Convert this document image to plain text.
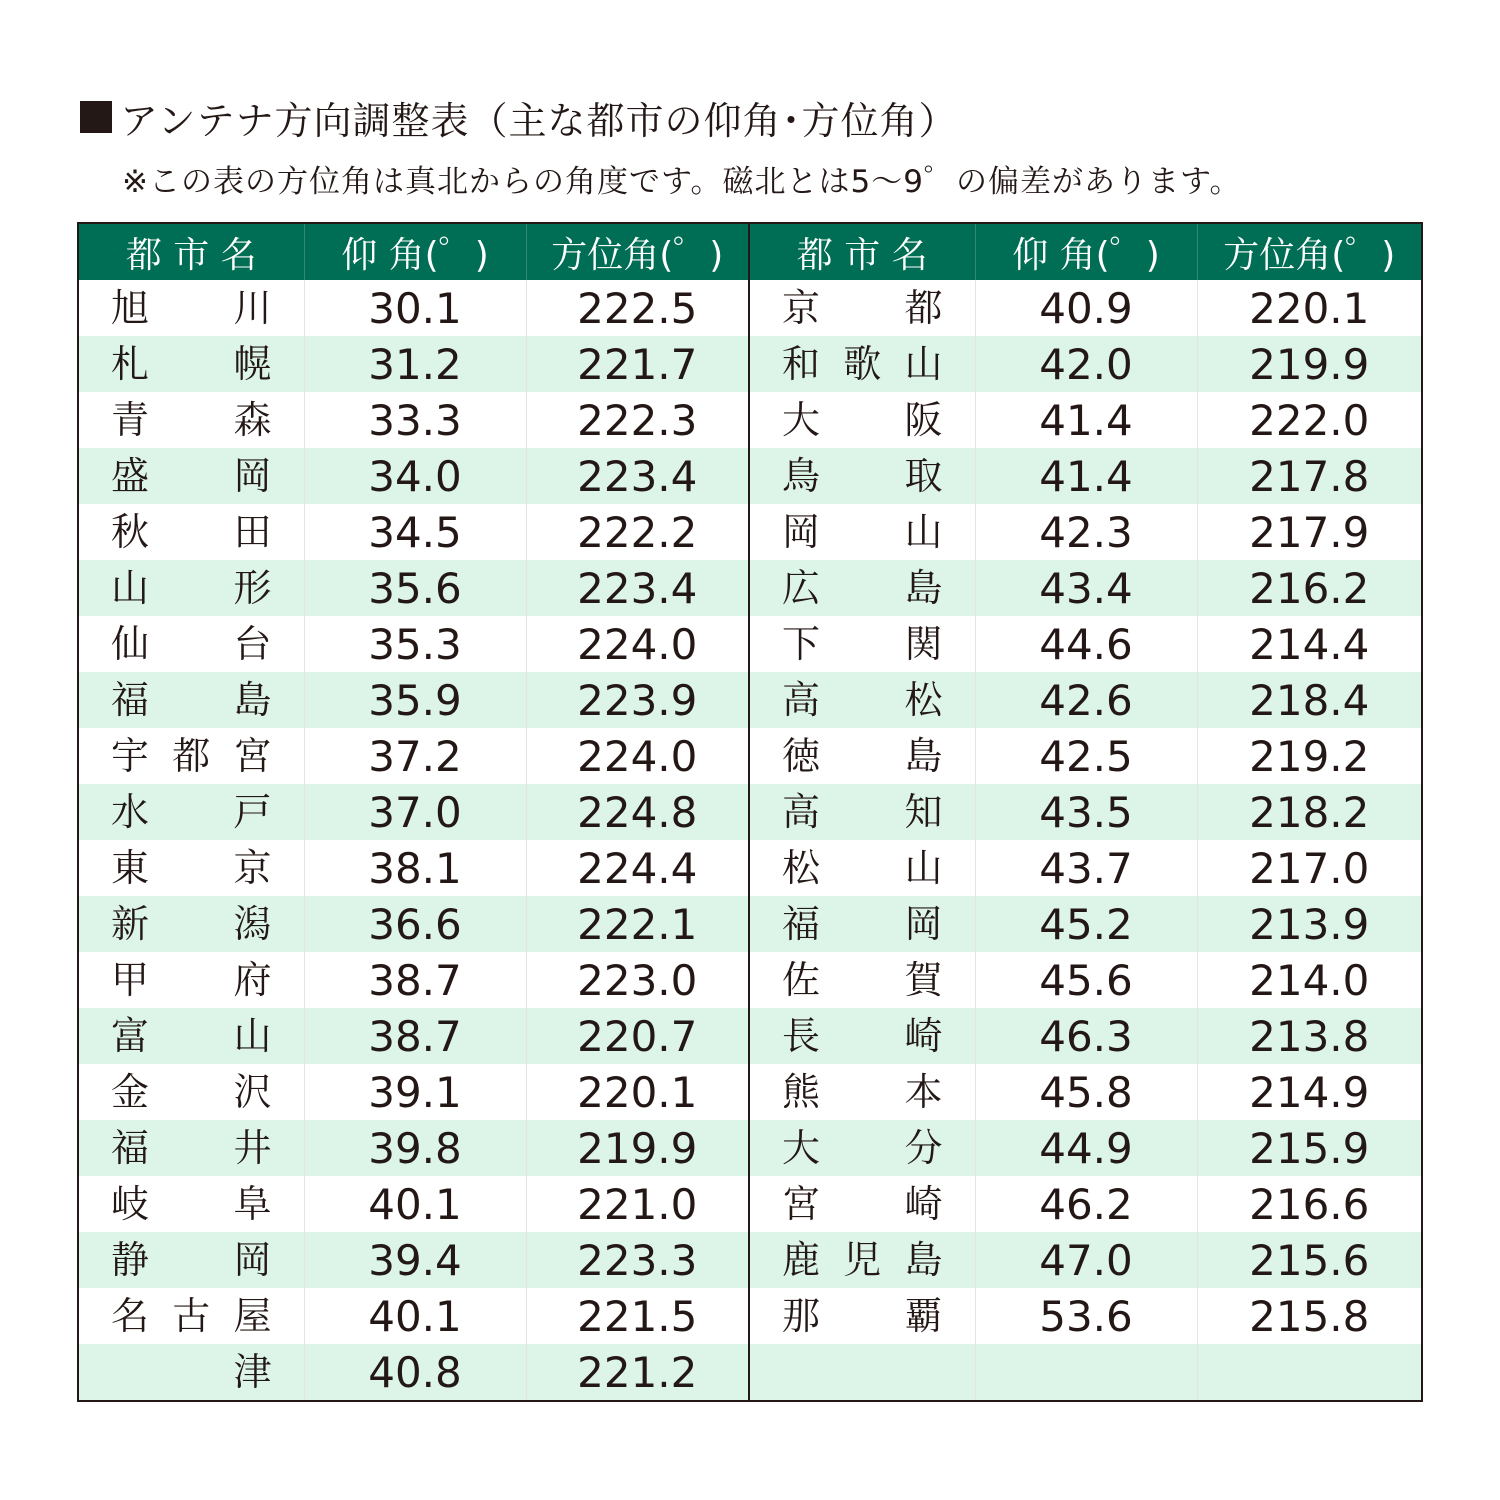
アンテナ方向調整表（主な都市の仰角･方位角）
※この表の方位角は真北からの角度です。磁北とは5～9゜の偏差があります。
都 市 名	仰 角(゜)	方位角(゜)

旭川	30.1	222.5

札幌	31.2	221.7

青森	33.3	222.3

盛岡	34.0	223.4

秋田	34.5	222.2

山形	35.6	223.4

仙台	35.3	224.0

福島	35.9	223.9

宇都宮	37.2	224.0

水戸	37.0	224.8

東京	38.1	224.4

新潟	36.6	222.1

甲府	38.7	223.0

富山	38.7	220.7

金沢	39.1	220.1

福井	39.8	219.9

岐阜	40.1	221.0

静岡	39.4	223.3

名古屋	40.1	221.5

津	40.8	221.2
都 市 名	仰 角(゜)	方位角(゜)

京都	40.9	220.1

和歌山	42.0	219.9

大阪	41.4	222.0

鳥取	41.4	217.8

岡山	42.3	217.9

広島	43.4	216.2

下関	44.6	214.4

高松	42.6	218.4

徳島	42.5	219.2

高知	43.5	218.2

松山	43.7	217.0

福岡	45.2	213.9

佐賀	45.6	214.0

長崎	46.3	213.8

熊本	45.8	214.9

大分	44.9	215.9

宮崎	46.2	216.6

鹿児島	47.0	215.6

那覇	53.6	215.8
